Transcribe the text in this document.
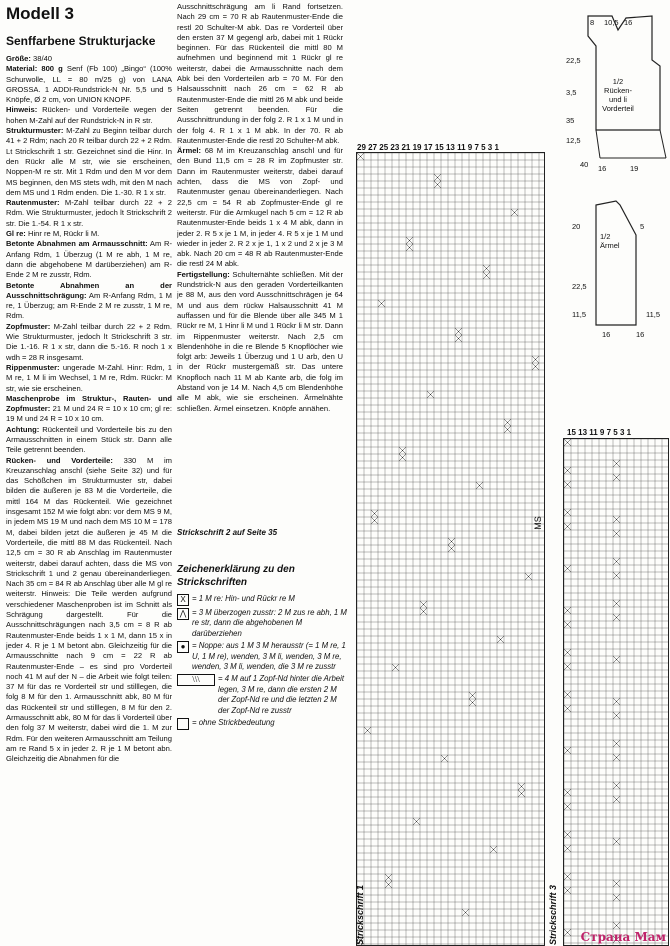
Modell 3
Senffarbene Strukturjacke

Größe: 38/40

Material: 800 g Senf (Fb 100) „Bingo“ (100% Schurwolle, LL = 80 m/25 g) von LANA GROSSA. 1 ADDI-Rundstrick-N Nr. 5,5 und 5 Knöpfe, Ø 2 cm, von UNION KNOPF.

Hinweis: Rücken- und Vorderteile wegen der hohen M-Zahl auf der Rundstrick-N in R str.

Strukturmuster: M-Zahl zu Beginn teilbar durch 41 + 2 Rdm; nach 20 R teilbar durch 22 + 2 Rdm. Lt Strickschrift 1 str. Gezeichnet sind die Hinr. In den Rückr alle M str, wie sie erscheinen, Noppen-M re str. Mit 1 Rdm und den M vor dem MS beginnen, den MS stets wdh, mit den M nach dem MS und 1 Rdm enden. Die 1.-30. R 1 x str.

Rautenmuster: M-Zahl teilbar durch 22 + 2 Rdm. Wie Strukturmuster, jedoch lt Strickschrift 2 str. Die 1.-54. R 1 x str.

Gl re: Hinr re M, Rückr li M.

Betonte Abnahmen am Armausschnitt: Am R-Anfang Rdm, 1 Überzug (1 M re abh, 1 M re, dann die abgehobene M darüberziehen) am R-Ende 2 M re zusstr, Rdm.

Betonte Abnahmen an der Ausschnittschrägung: Am R-Anfang Rdm, 1 M re, 1 Überzug; am R-Ende 2 M re zusstr, 1 M re, Rdm.

Zopfmuster: M-Zahl teilbar durch 22 + 2 Rdm. Wie Strukturmuster, jedoch lt Strickschrift 3 str. Die 1.-16. R 1 x str, dann die 5.-16. R noch 1 x wdh = 28 R insgesamt.

Rippenmuster: ungerade M-Zahl. Hinr: Rdm, 1 M re, 1 M li im Wechsel, 1 M re, Rdm. Rückr: M str, wie sie erscheinen.

Maschenprobe im Struktur-, Rauten- und Zopfmuster: 21 M und 24 R = 10 x 10 cm; gl re: 19 M und 24 R = 10 x 10 cm.

Achtung: Rückenteil und Vorderteile bis zu den Armausschnitten in einem Stück str. Dann alle Teile getrennt beenden.

Rücken- und Vorderteile: 330 M im Kreuzanschlag anschl (siehe Seite 32) und für das Schößchen im Strukturmuster str, dabei bilden die äußeren je 83 M die Vorderteile, die mittl 164 M das Rückenteil. Wie gezeichnet insgesamt 152 M wie folgt abn: vor dem MS 9 M, in jedem MS 19 M und nach dem MS 10 M = 178 M, dabei bilden jetzt die äußeren je 45 M die Vorderteile, die mittl 88 M das Rückenteil. Nach 12,5 cm = 30 R ab Anschlag im Rautenmuster weiterstr, dabei darauf achten, dass die MS von Strickschrift 1 und 2 genau übereinanderliegen. Nach 35 cm = 84 R ab Anschlag über alle M gl re weiterstr. Hinweis: Die Teile werden aufgrund verschiedener Maschenproben ist im Schnitt als Schrägung dargestellt. Für die Ausschnittschrägungen nach 3,5 cm = 8 R ab Rautenmuster-Ende beids 1 x 1 M, dann 15 x in jeder 4. R je 1 M betont abn. Gleichzeitig für die Armausschnitte nach 9 cm = 22 R ab Rautenmuster-Ende – es sind pro Vorderteil noch 41 M auf der N – die Arbeit wie folgt teilen: 37 M für das re Vorderteil str und stilllegen, die folg 8 M für den 1. Armausschnitt abk, 80 M für das Rückenteil str und stilllegen, 8 M für den 2. Armausschnitt abk, 80 M für das li Vorderteil über den folg 37 M weiterstr, dabei wird die 1. M zur Rdm. Für den weiteren Armausschnitt am Teilung am re Rand 5 x in jeder 2. R je 1 M betont abn. Gleichzeitig die Abnahmen für die

Ausschnittschrägung am li Rand fortsetzen. Nach 29 cm = 70 R ab Rautenmuster-Ende die restl 20 Schulter-M abk. Das re Vorderteil über den ersten 37 M gegengl arb, dabei mit 1 Rückr beginnen. Für das Rückenteil die mittl 80 M aufnehmen und beginnend mit 1 Rückr gl re weiterstr, dabei die Armausschnitte nach dem Abk bei den Vorderteilen arb = 70 M. Für den Halsausschnitt nach 26 cm = 62 R ab Rautenmuster-Ende die mittl 26 M abk und beide Seiten getrennt beenden. Für die Ausschnittrundung in der folg 2. R 1 x 1 M und in der folg 4. R 1 x 1 M abk. In der 70. R ab Rautenmuster-Ende die restl 20 Schulter-M abk.

Ärmel: 68 M im Kreuzanschlag anschl und für den Bund 11,5 cm = 28 R im Zopfmuster str. Dann im Rautenmuster weiterstr, dabei darauf achten, dass die MS von Zopf- und Rautenmuster genau übereinanderliegen. Nach 22,5 cm = 54 R ab Zopfmuster-Ende gl re weiterstr. Für die Armkugel nach 5 cm = 12 R ab Rautenmuster-Ende beids 1 x 4 M abk, dann in jeder 2. R 5 x je 1 M, in jeder 4. R 5 x je 1 M und wieder in jeder 2. R 2 x je 1, 1 x 2 und 2 x je 3 M abk. Nach 20 cm = 48 R ab Rautenmuster-Ende die restl 24 M abk.

Fertigstellung: Schulternähte schließen. Mit der Rundstrick-N aus den geraden Vorderteilkanten je 88 M, aus den vord Ausschnittschrägen je 64 M und aus dem rückw Halsausschnitt 41 M auffassen und für die Blende über alle 345 M 1 Rückr re M, 1 Hinr li M und 1 Rückr li M str. Dann im Rippenmuster weiterstr. Nach 2,5 cm Blendenhöhe in die re Blende 5 Knopflöcher wie folgt arb: Jeweils 1 Überzug und 1 U arb, den U in der Rückr mustergemäß str. Das untere Knopfloch nach 11 M ab Kante arb, die folg im Abstand von je 14 M. Nach 4,5 cm Blendenhöhe alle M abk, wie sie erscheinen. Ärmelnähte schließen. Ärmel einsetzen. Knöpfe annähen.

Strickschrift 2 auf Seite 35
Zeichenerklärung zu den Strickschriften
X = 1 M re: Hin- und Rückr re M
⋀ = 3 M überzogen zusstr: 2 M zus re abh, 1 M re str, dann die abgehobenen M darüberziehen
● = Noppe: aus 1 M 3 M herausstr (= 1 M re, 1 U, 1 M re), wenden, 3 M li, wenden, 3 M re, wenden, 3 M li, wenden, die 3 M re zusstr
⧵⧵⧵	= 4 M auf 1 Zopf-Nd hinter die Arbeit legen, 3 M re, dann die ersten 2 M der Zopf-Nd re und die letzten 2 M der Zopf-Nd re zusstr
= ohne Strickbedeutung
1/2 Rücken- und li Vorderteil
8 10,5 16
22,5
3,5
35
12,5
40 16	19
1/2 Ärmel
20	5
22,5
11,5
16
11,5
16
29 27 25 23 21 19 17 15 13 11 9 7 5 3 1
MS
Strickschrift 1
15 13 11 9 7 5 3 1
Strickschrift 3 Страна Мам
